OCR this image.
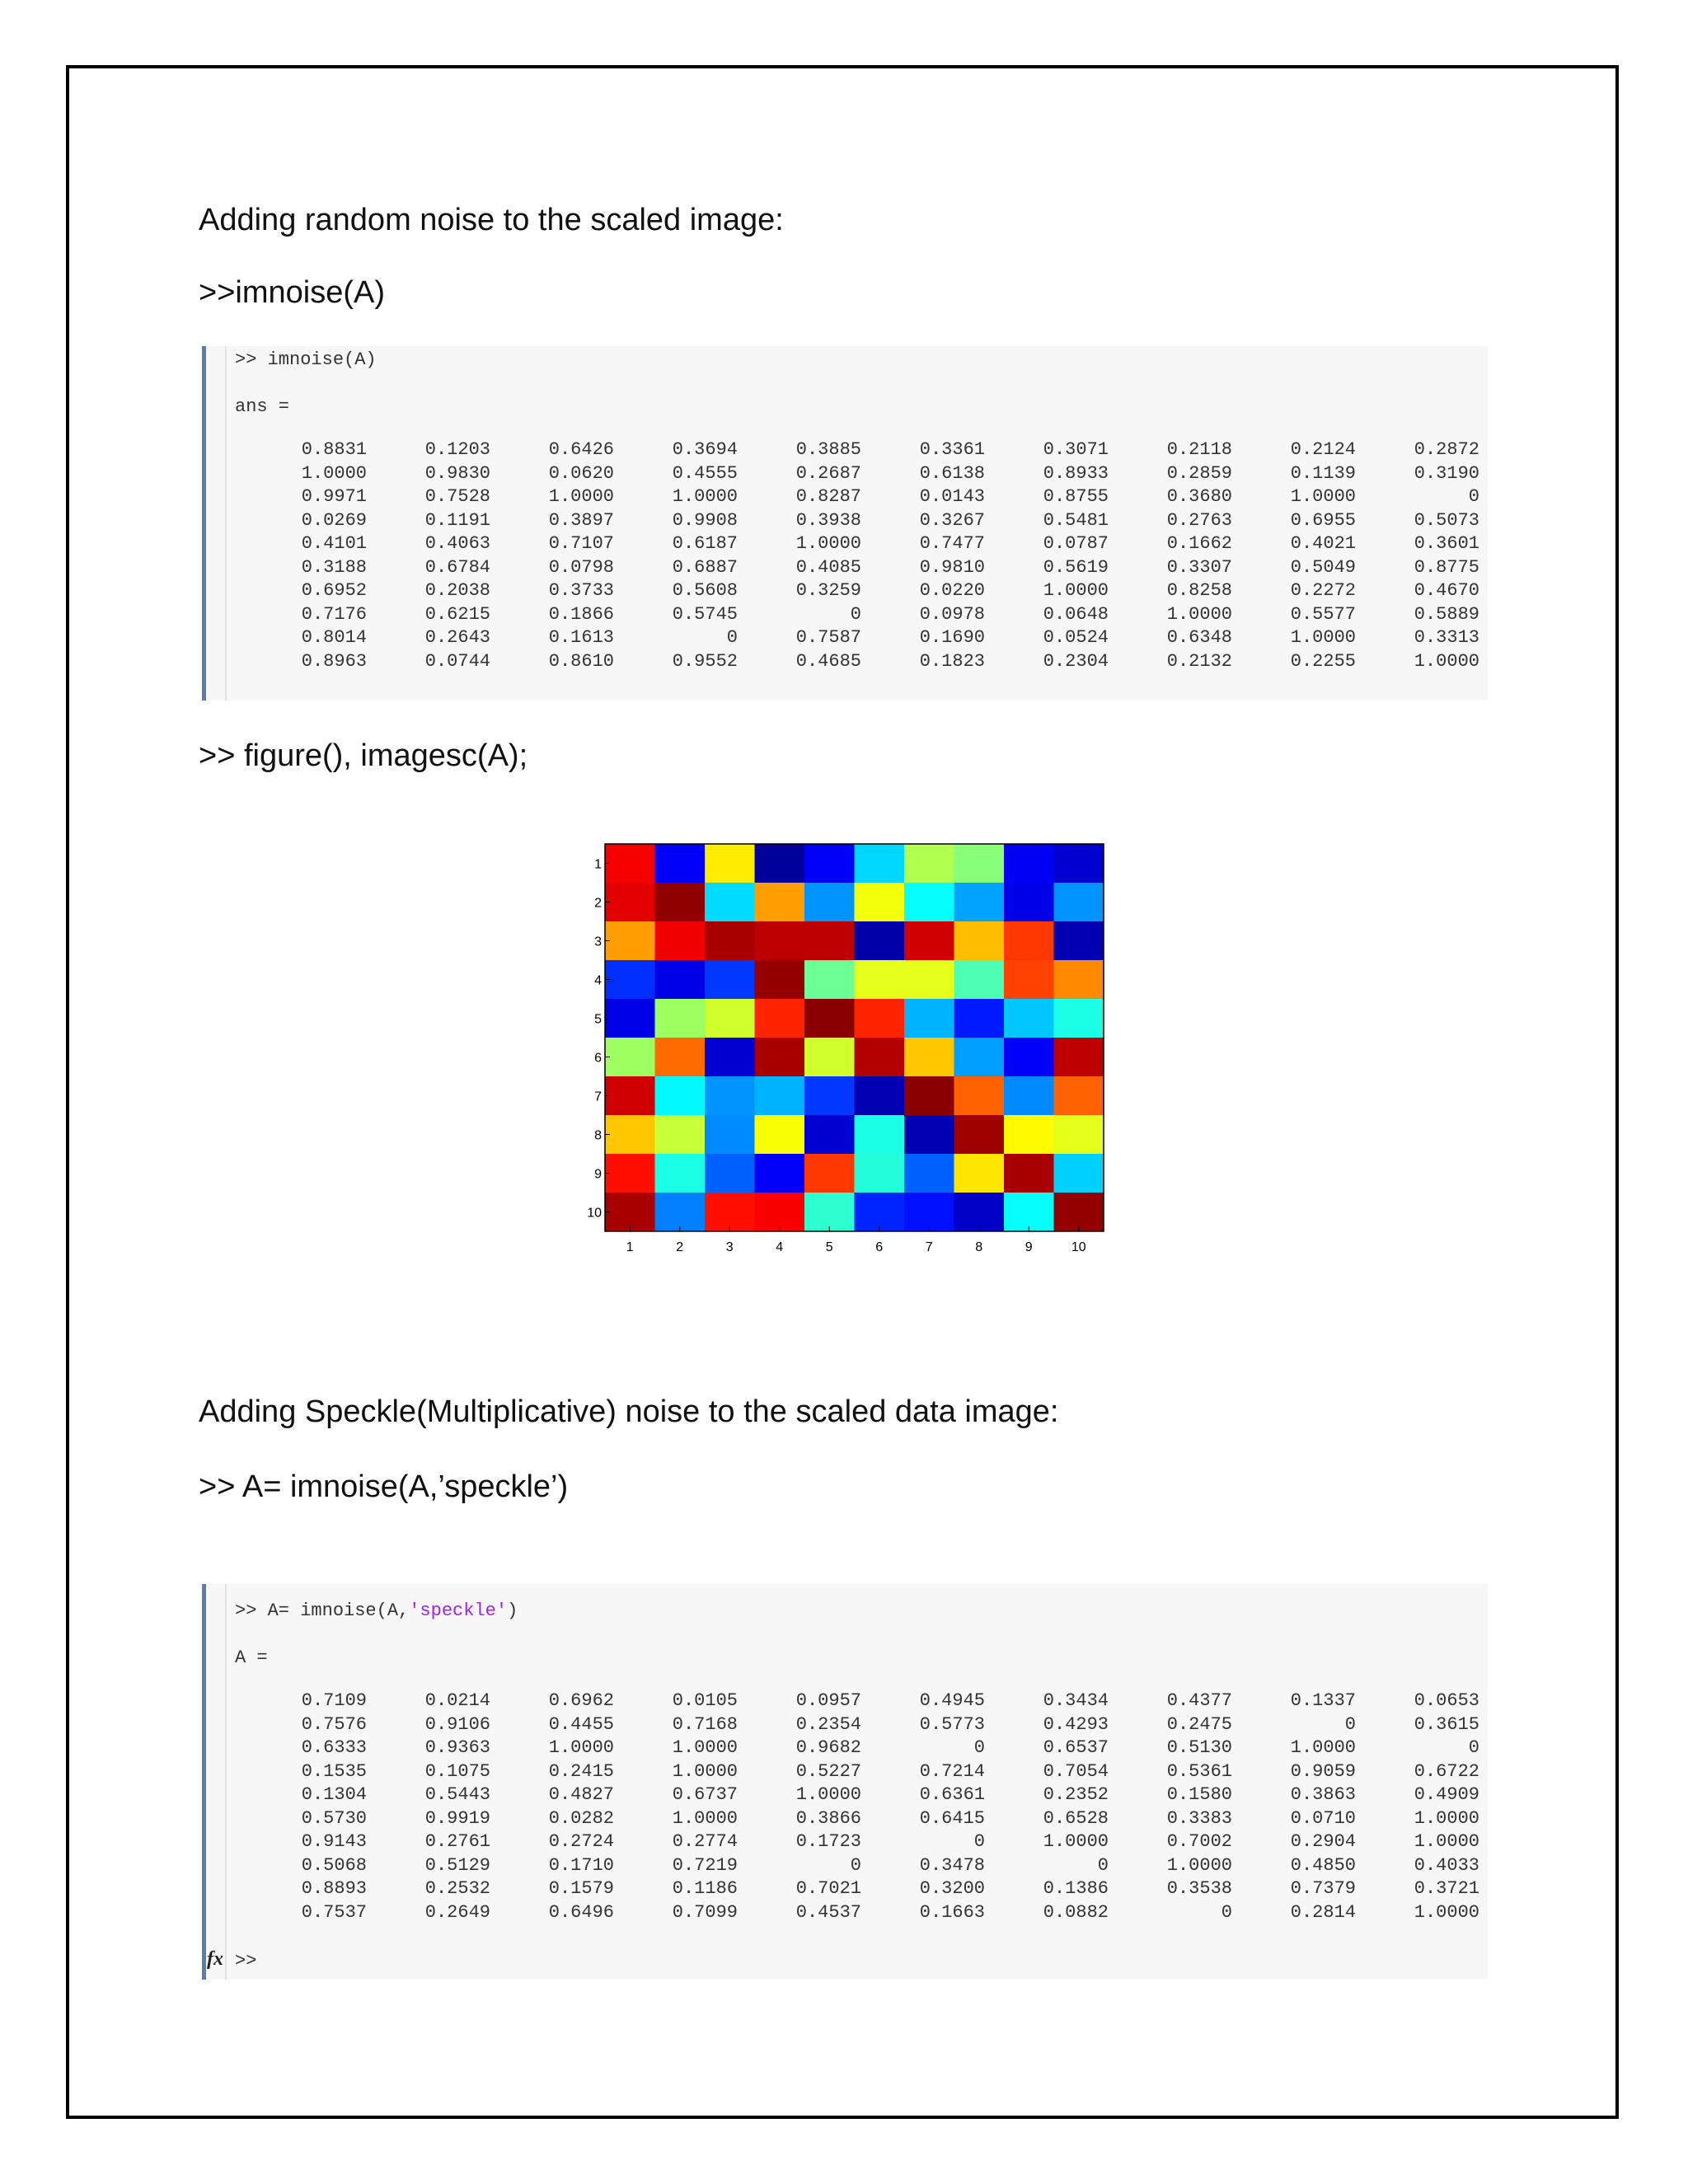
Adding random noise to the scaled image:
>>imnoise(A)
>> imnoise(A)
ans =
0.8831	0.1203	0.6426	0.3694	0.3885	0.3361	0.3071	0.2118	0.2124	0.2872
1.0000	0.9830	0.0620	0.4555	0.2687	0.6138	0.8933	0.2859	0.1139	0.3190
0.9971	0.7528	1.0000	1.0000	0.8287	0.0143	0.8755	0.3680	1.0000	0
0.0269	0.1191	0.3897	0.9908	0.3938	0.3267	0.5481	0.2763	0.6955	0.5073
0.4101	0.4063	0.7107	0.6187	1.0000	0.7477	0.0787	0.1662	0.4021	0.3601
0.3188	0.6784	0.0798	0.6887	0.4085	0.9810	0.5619	0.3307	0.5049	0.8775
0.6952	0.2038	0.3733	0.5608	0.3259	0.0220	1.0000	0.8258	0.2272	0.4670
0.7176	0.6215	0.1866	0.5745	0	0.0978	0.0648	1.0000	0.5577	0.5889
0.8014	0.2643	0.1613	0	0.7587	0.1690	0.0524	0.6348	1.0000	0.3313
0.8963	0.0744	0.8610	0.9552	0.4685	0.1823	0.2304	0.2132	0.2255	1.0000
>> figure(), imagesc(A);
1
2
3
4
5
6
7
8
9
10
1	2	3	4	5	6	7	8	9	10
Adding Speckle(Multiplicative) noise to the scaled data image:
>> A= imnoise(A,’speckle’)
>> A= imnoise(A,'speckle')
A =
0.7109	0.0214	0.6962	0.0105	0.0957	0.4945	0.3434	0.4377	0.1337	0.0653
0.7576	0.9106	0.4455	0.7168	0.2354	0.5773	0.4293	0.2475	0	0.3615
0.6333	0.9363	1.0000	1.0000	0.9682	0	0.6537	0.5130	1.0000	0
0.1535	0.1075	0.2415	1.0000	0.5227	0.7214	0.7054	0.5361	0.9059	0.6722
0.1304	0.5443	0.4827	0.6737	1.0000	0.6361	0.2352	0.1580	0.3863	0.4909
0.5730	0.9919	0.0282	1.0000	0.3866	0.6415	0.6528	0.3383	0.0710	1.0000
0.9143	0.2761	0.2724	0.2774	0.1723	0	1.0000	0.7002	0.2904	1.0000
0.5068	0.5129	0.1710	0.7219	0	0.3478	0	1.0000	0.4850	0.4033
0.8893	0.2532	0.1579	0.1186	0.7021	0.3200	0.1386	0.3538	0.7379	0.3721
0.7537	0.2649	0.6496	0.7099	0.4537	0.1663	0.0882	0	0.2814	1.0000
fx >>
